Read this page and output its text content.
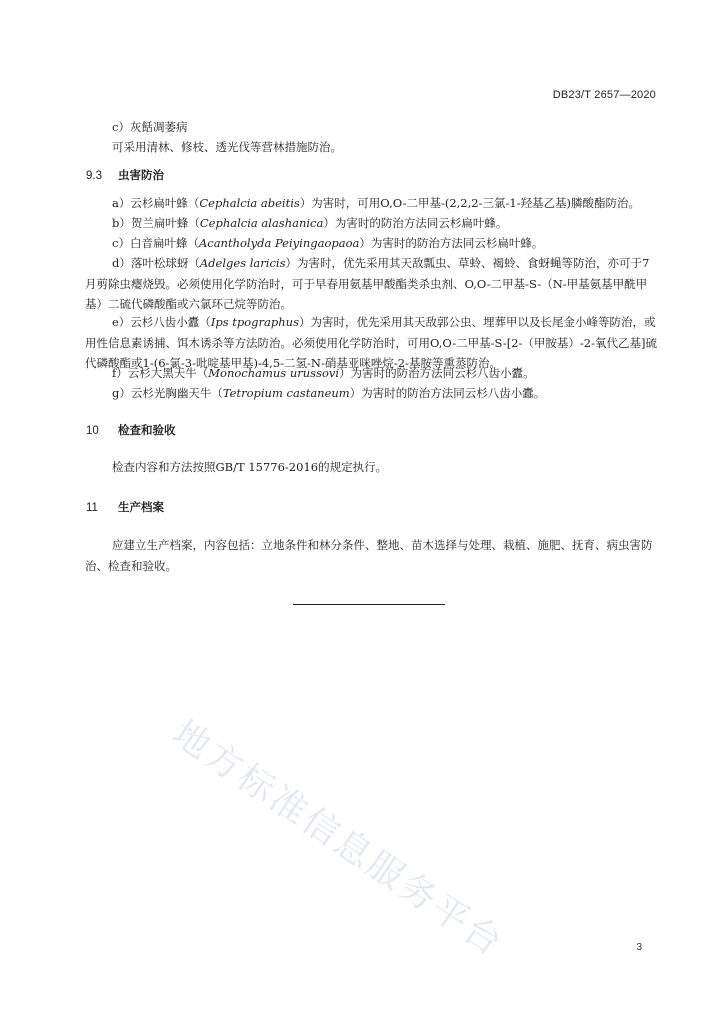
DB23/T 2657—2020
c）灰餂凋萎病
可采用清林、修枝、透光伐等营林措施防治。
9.3 虫害防治
a）云杉扁叶蜂（Cephalcia abeitis）为害时，可用O,O-二甲基-(2,2,2-三氯-1-羟基乙基)膦酸酯防治。
b）贺兰扁叶蜂（Cephalcia alashanica）为害时的防治方法同云杉扁叶蜂。
c）白音扁叶蜂（Acantholyda Peiyingaopaoa）为害时的防治方法同云杉扁叶蜂。
d）落叶松球蚜（Adelges laricis）为害时，优先采用其天敌瓢虫、草蛉、褐蛉、食蚜蝇等防治，亦可于7月剪除虫瘿烧毁。必须使用化学防治时，可于早春用氨基甲酸酯类杀虫剂、O,O-二甲基-S-（N-甲基氨基甲酰甲基）二硫代磷酸酯或六氯环己烷等防治。
e）云杉八齿小蠹（Ips tpographus）为害时，优先采用其天敌郭公虫、埋葬甲以及长尾金小峰等防治，或用性信息素诱捕、饵木诱杀等方法防治。必须使用化学防治时，可用O,O-二甲基-S-[2-（甲胺基）-2-氧代乙基]硫代磷酸酯或1-(6-氯-3-吡啶基甲基)-4,5-二氢-N-硝基亚咪唑烷-2-基胺等熏蒸防治。
f）云杉大黑天牛（Monochamus urussovi）为害时的防治方法同云杉八齿小蠹。
g）云杉光胸幽天牛（Tetropium castaneum）为害时的防治方法同云杉八齿小蠹。
10 检查和验收
检查内容和方法按照GB/T 15776-2016的规定执行。
11 生产档案
应建立生产档案，内容包括：立地条件和林分条件、整地、苗木选择与处理、栽植、施肥、抚育、病虫害防治、检查和验收。
地方标准信息服务平台	3
